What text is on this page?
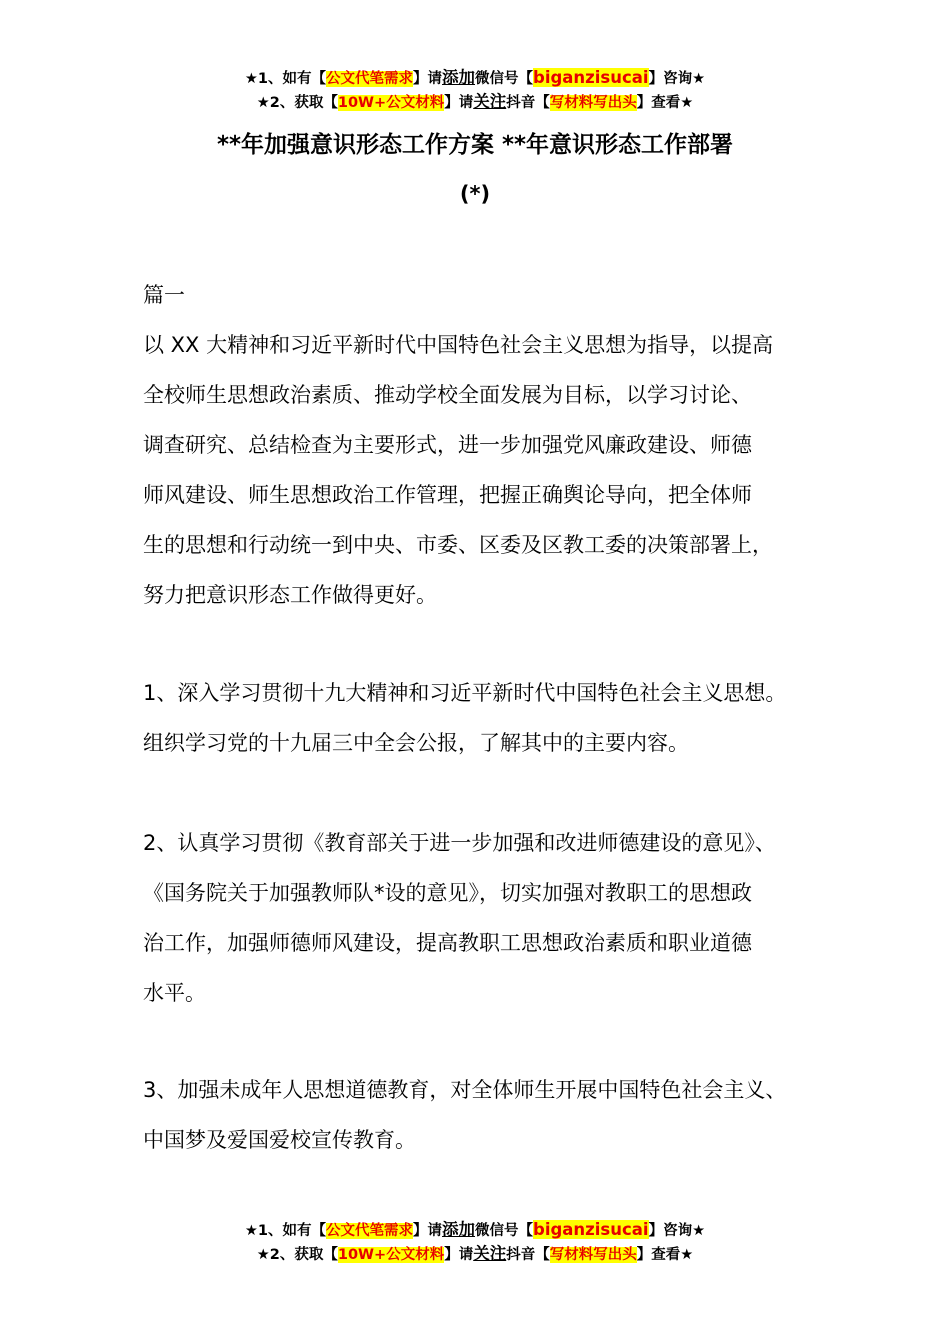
★1、如有【公文代笔需求】请添加微信号【biganzisucai】咨询★
★2、获取【10W+公文材料】请关注抖音【写材料写出头】查看★
**年加强意识形态工作方案 **年意识形态工作部署
(*)
篇一
以 XX 大精神和习近平新时代中国特色社会主义思想为指导，以提高
全校师生思想政治素质、推动学校全面发展为目标，以学习讨论、
调查研究、总结检查为主要形式，进一步加强党风廉政建设、师德
师风建设、师生思想政治工作管理，把握正确舆论导向，把全体师
生的思想和行动统一到中央、市委、区委及区教工委的决策部署上，
努力把意识形态工作做得更好。
1、深入学习贯彻十九大精神和习近平新时代中国特色社会主义思想。
组织学习党的十九届三中全会公报，了解其中的主要内容。
2、认真学习贯彻《教育部关于进一步加强和改进师德建设的意见》、
《国务院关于加强教师队*设的意见》，切实加强对教职工的思想政
治工作，加强师德师风建设，提高教职工思想政治素质和职业道德
水平。
3、加强未成年人思想道德教育，对全体师生开展中国特色社会主义、
中国梦及爱国爱校宣传教育。
★1、如有【公文代笔需求】请添加微信号【biganzisucai】咨询★
★2、获取【10W+公文材料】请关注抖音【写材料写出头】查看★
